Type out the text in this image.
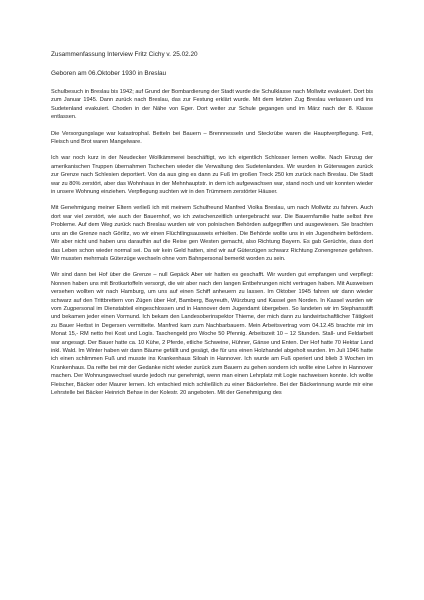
Zusammenfassung Interview Fritz Cichy v. 25.02.20

Geboren am 06.Oktober 1930 in Breslau

Schulbesuch in Breslau bis 1942; auf Grund der Bombardierung der Stadt wurde die Schulklasse nach Mollwitz evakuiert. Dort bis zum Januar 1945. Dann zurück nach Breslau, das zur Festung erklärt wurde. Mit dem letzten Zug Breslau verlassen und ins Sudetenland evakuiert. Choden in der Nähe von Eger. Dort weiter zur Schule gegangen und im März nach der 8. Klasse entlassen.

Die Versorgungslage war katastrophal. Betteln bei Bauern – Brennnesseln und Steckrübe waren die Hauptverpflegung. Fett, Fleisch und Brot waren Mangelware.

Ich war noch kurz in der Neudecker Wollkämmerei beschäftigt, wo ich eigentlich Schlosser lernen wollte. Nach Einzug der amerikanischen Truppen übernahmen Tschechen wieder die Verwaltung des Sudetenlandes. Wir wurden in Güterwagen zurück zur Grenze nach Schlesien deportiert. Von da aus ging es dann zu Fuß im großen Treck 250 km zurück nach Breslau. Die Stadt war zu 80% zerstört, aber das Wohnhaus in der Mehnhauptstr. in dem ich aufgewachsen war, stand noch und wir konnten wieder in unsere Wohnung einziehen. Verpflegung suchten wir in den Trümmern zerstörter Häuser.

Mit Genehmigung meiner Eltern verließ ich mit meinem Schulfreund Manfred Violka Breslau, um nach Mollwitz zu fahren. Auch dort war viel zerstört, wie auch der Bauernhof, wo ich zwischenzeitlich untergebracht war. Die Bauernfamilie hatte selbst ihre Probleme. Auf dem Weg zurück nach Breslau wurden wir von polnischen Behörden aufgegriffen und ausgewiesen. Sie brachten uns an die Grenze nach Görlitz, wo wir einen Flüchtlingsausweis erhielten. Die Behörde wollte uns in ein Jugendheim befördern. Wir aber nicht und haben uns daraufhin auf die Reise gen Westen gemacht, also Richtung Bayern. Es gab Gerüchte, dass dort das Leben schon wieder normal sei. Da wir kein Geld hatten, sind wir auf Güterzügen schwarz Richtung Zonengrenze gefahren. Wir mussten mehrmals Güterzüge wechseln ohne vom Bahnpersonal bemerkt worden zu sein.

Wir sind dann bei Hof über die Grenze – null Gepäck Aber wir hatten es geschafft. Wir wurden gut empfangen und verpflegt: Nonnen haben uns mit Brotkartoffeln versorgt, die wir aber nach den langen Entbehrungen nicht vertragen haben. Mit Ausweisen versehen wollten wir nach Hamburg, um uns auf einen Schiff anheuern zu lassen. Im Oktober 1945 fahren wir dann wieder schwarz auf den Trittbrettern von Zügen über Hof, Bamberg, Bayreuth, Würzburg und Kassel gen Norden. In Kassel wurden wir vom Zugpersonal im Dienstabteil eingeschlossen und in Hannover dem Jugendamt übergeben. So landeten wir im Stephansstift und bekamen jeder einen Vormund. Ich bekam den Landesoberinspektor Thieme, der mich dann zu landwirtschaftlicher Tätigkeit zu Bauer Herbst in Degersen vermittelte. Manfred kam zum Nachbarbauern. Mein Arbeitsvertrag vom 04.12.45 brachte mir im Monat 15,- RM netto frei Kost und Logis. Taschengeld pro Woche 50 Pfennig. Arbeitszeit 10 – 12 Stunden. Stall- und Feldarbeit war angesagt. Der Bauer hatte ca. 10 Kühe, 2 Pferde, etliche Schweine, Hühner, Gänse und Enten. Der Hof hatte 70 Hektar Land inkl. Wald. Im Winter haben wir dann Bäume gefällt und gesägt, die für uns einen Holzhandel abgeholt wurden. Im Juli 1946 hatte ich einen schlimmen Fuß und musste ins Krankenhaus Siloah in Hannover. Ich wurde am Fuß operiert und blieb 3 Wochen im Krankenhaus. Da reifte bei mir der Gedanke nicht wieder zurück zum Bauern zu gehen sondern ich wollte eine Lehre in Hannover machen. Der Wohnungswechsel wurde jedoch nur genehmigt, wenn man einen Lehrplatz mit Logie nachweisen konnte. Ich wollte Fleischer, Bäcker oder Maurer lernen. Ich entschied mich schließlich zu einer Bäckerlehre. Bei der Bäckerinnung wurde mir eine Lehrstelle bei Bäcker Heinrich Behse in der Kolestr. 20 angeboten. Mit der Genehmigung des
